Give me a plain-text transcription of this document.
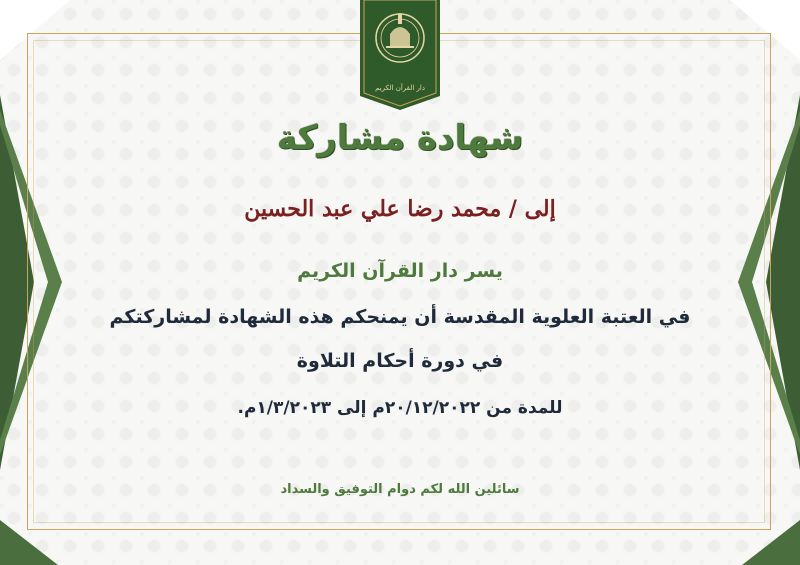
دار القرآن الكريم
شهادة مشاركة
إلى / محمد رضا علي عبد الحسين
يسر دار القرآن الكريم
في العتبة العلوية المقدسة أن يمنحكم هذه الشهادة لمشاركتكم
في دورة أحكام التلاوة
للمدة من ٢٠/١٢/٢٠٢٢م إلى ١/٣/٢٠٢٣م.
سائلين الله لكم دوام التوفيق والسداد
